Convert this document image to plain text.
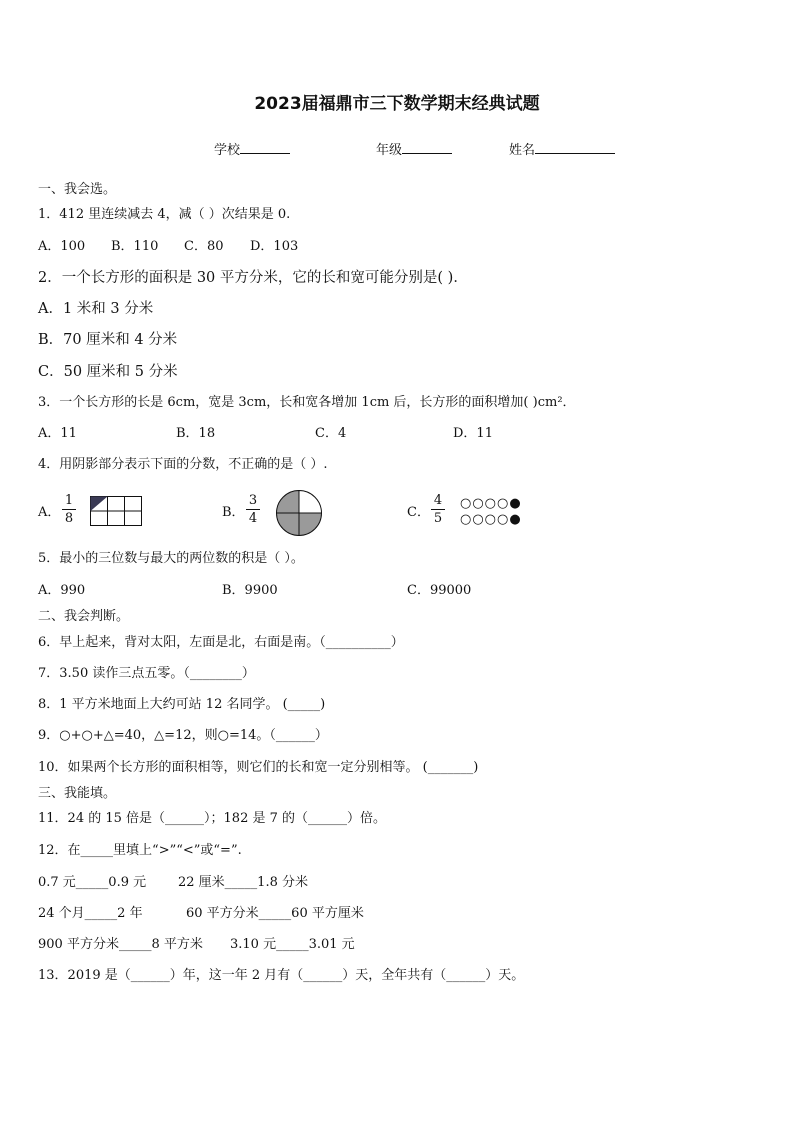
2023届福鼎市三下数学期末经典试题
学校	年级	姓名
一、我会选。
1．412 里连续减去 4，减（ ）次结果是 0.
A．100 B．110 C．80 D．103
2．一个长方形的面积是 30 平方分米，它的长和宽可能分别是( )．
A．1 米和 3 分米
B．70 厘米和 4 分米
C．50 厘米和 5 分米
3．一个长方形的长是 6cm，宽是 3cm，长和宽各增加 1cm 后，长方形的面积增加( )cm²．
A．11	B．18	C．4	D．11
4．用阴影部分表示下面的分数，不正确的是（ ）.
A． $\frac{1}{8}$	B． $\frac{3}{4}$	C． $\frac{4}{5}$ ○○○○●
○○○○●
5．最小的三位数与最大的两位数的积是（ ）。
A．990	B．9900	C．99000
二、我会判断。
6．早上起来，背对太阳，左面是北，右面是南。（__________）
7．3.50 读作三点五零。（________）
8．1 平方米地面上大约可站 12 名同学。 (_____)
9．○+○+△=40，△=12，则○=14。（______）
10．如果两个长方形的面积相等，则它们的长和宽一定分别相等。 (_______)
三、我能填。
11．24 的 15 倍是（______）；182 是 7 的（______）倍。
12．在_____里填上“>”“<”或“=”.
0.7 元_____0.9 元 22 厘米_____1.8 分米
24 个月_____2 年	60 平方分米_____60 平方厘米
900 平方分米_____8 平方米 3.10 元_____3.01 元
13．2019 是（______）年，这一年 2 月有（______）天，全年共有（______）天。
